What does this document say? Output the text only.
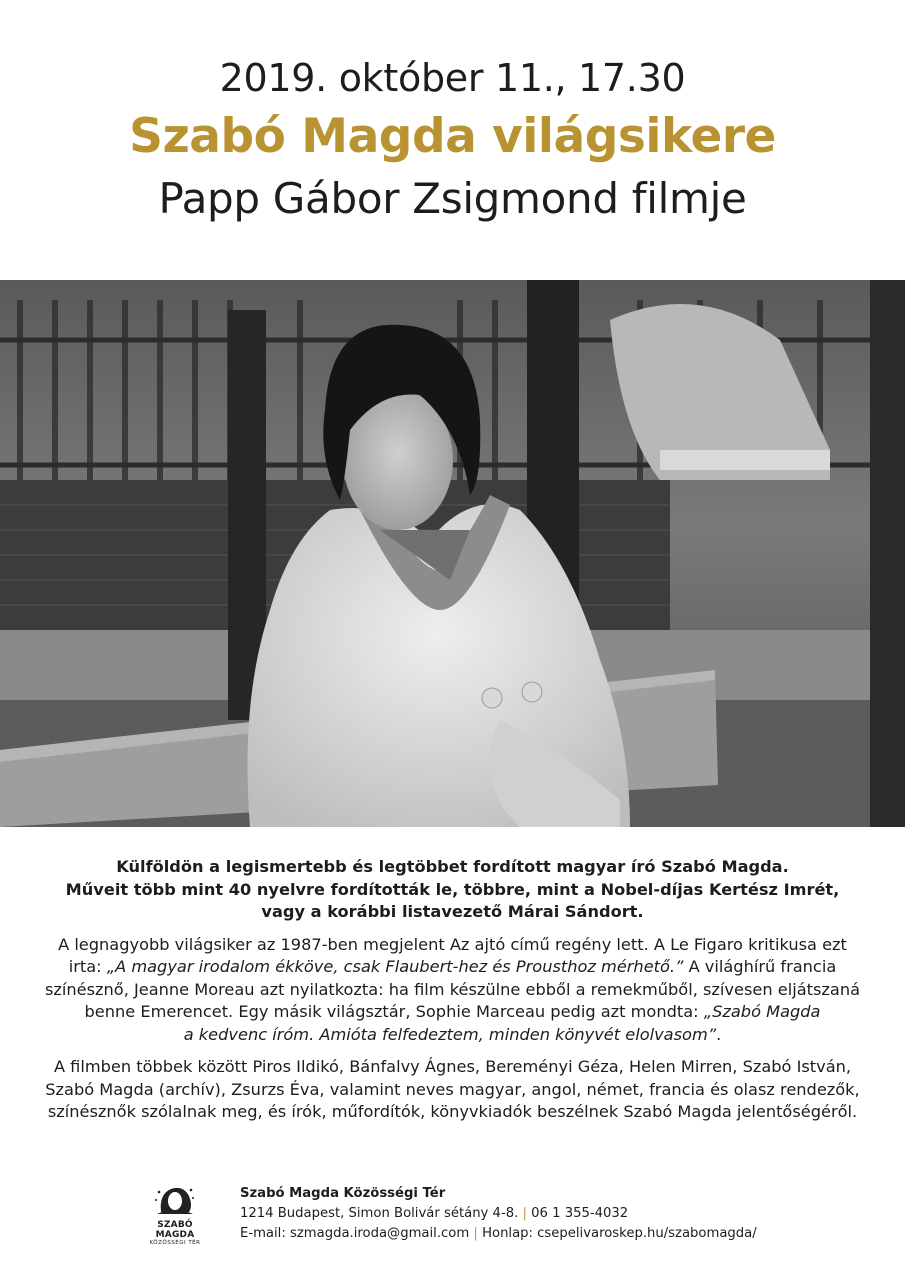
2019. október 11., 17.30

Szabó Magda világsikere

Papp Gábor Zsigmond filmje

Külföldön a legismertebb és legtöbbet fordított magyar író Szabó Magda.
Műveit több mint 40 nyelvre fordították le, többre, mint a Nobel-díjas Kertész Imrét,
vagy a korábbi listavezető Márai Sándort.

A legnagyobb világsiker az 1987-ben megjelent Az ajtó című regény lett. A Le Figaro kritikusa ezt
irta: „A magyar irodalom ékköve, csak Flaubert-hez és Prousthoz mérhető.” A világhírű francia
színésznő, Jeanne Moreau azt nyilatkozta: ha film készülne ebből a remekműből, szívesen eljátszaná
benne Emerencet. Egy másik világsztár, Sophie Marceau pedig azt mondta: „Szabó Magda
a kedvenc íróm. Amióta felfedeztem, minden könyvét elolvasom”.

A filmben többek között Piros Ildikó, Bánfalvy Ágnes, Bereményi Géza, Helen Mirren, Szabó István,
Szabó Magda (archív), Zsurzs Éva, valamint neves magyar, angol, német, francia és olasz rendezők,
színésznők szólalnak meg, és írók, műfordítók, könyvkiadók beszélnek Szabó Magda jelentőségéről.

SZABÓ MAGDA
KÖZÖSSÉGI TÉR
Szabó Magda Közösségi Tér
1214 Budapest, Simon Bolivár sétány 4-8. | 06 1 355-4032
E-mail: szmagda.iroda@gmail.com | Honlap: csepelivaroskep.hu/szabomagda/
